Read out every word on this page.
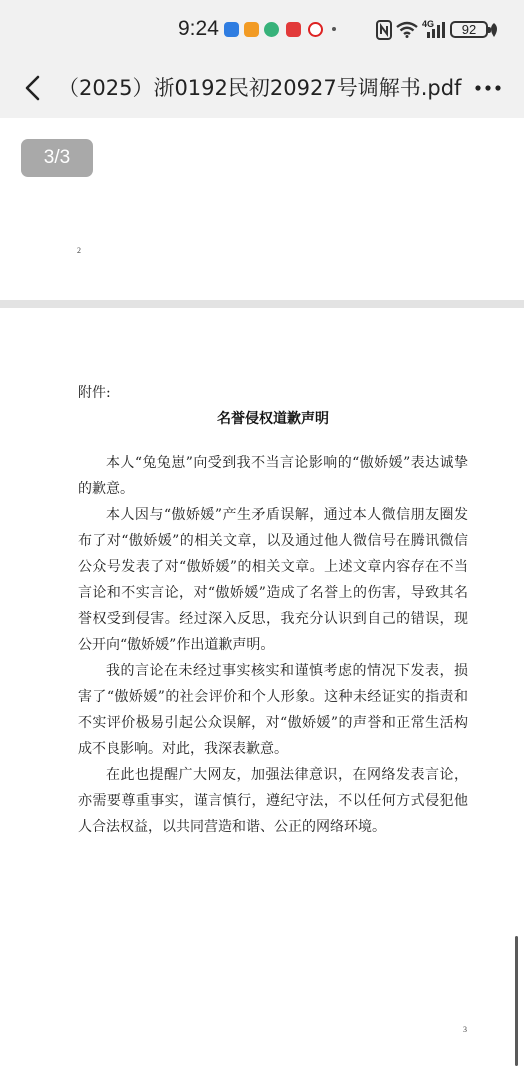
9:24	4G	92
（2025）浙0192民初20927号调解书.pdf
2
附件:
名誉侵权道歉声明

本人“兔兔崽”向受到我不当言论影响的“傲娇媛”表达诚挚的歉意。

本人因与“傲娇媛”产生矛盾误解，通过本人微信朋友圈发布了对“傲娇媛”的相关文章，以及通过他人微信号在腾讯微信公众号发表了对“傲娇媛”的相关文章。上述文章内容存在不当言论和不实言论，对“傲娇媛”造成了名誉上的伤害，导致其名誉权受到侵害。经过深入反思，我充分认识到自己的错误，现公开向“傲娇媛”作出道歉声明。

我的言论在未经过事实核实和谨慎考虑的情况下发表，损害了“傲娇媛”的社会评价和个人形象。这种未经证实的指责和不实评价极易引起公众误解，对“傲娇媛”的声誉和正常生活构成不良影响。对此，我深表歉意。

在此也提醒广大网友，加强法律意识，在网络发表言论，亦需要尊重事实，谨言慎行，遵纪守法，不以任何方式侵犯他人合法权益，以共同营造和谐、公正的网络环境。

3
3/3
